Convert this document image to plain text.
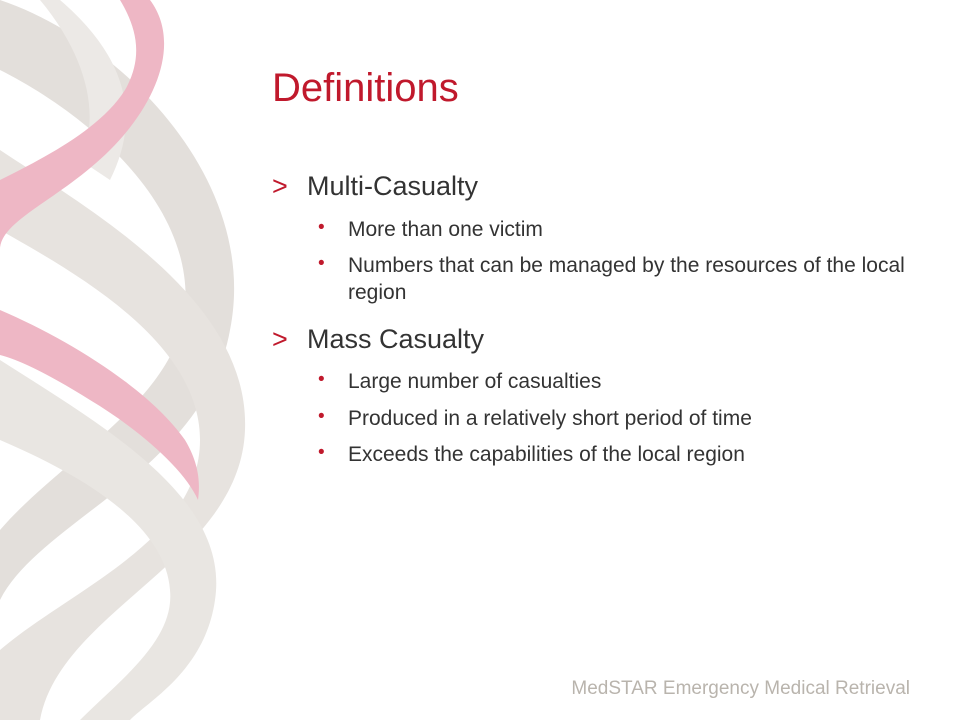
Definitions
> Multi-Casualty
• More than one victim
• Numbers that can be managed by the resources of the local region
> Mass Casualty
• Large number of casualties
• Produced in a relatively short period of time
• Exceeds the capabilities of the local region
MedSTAR Emergency Medical Retrieval
